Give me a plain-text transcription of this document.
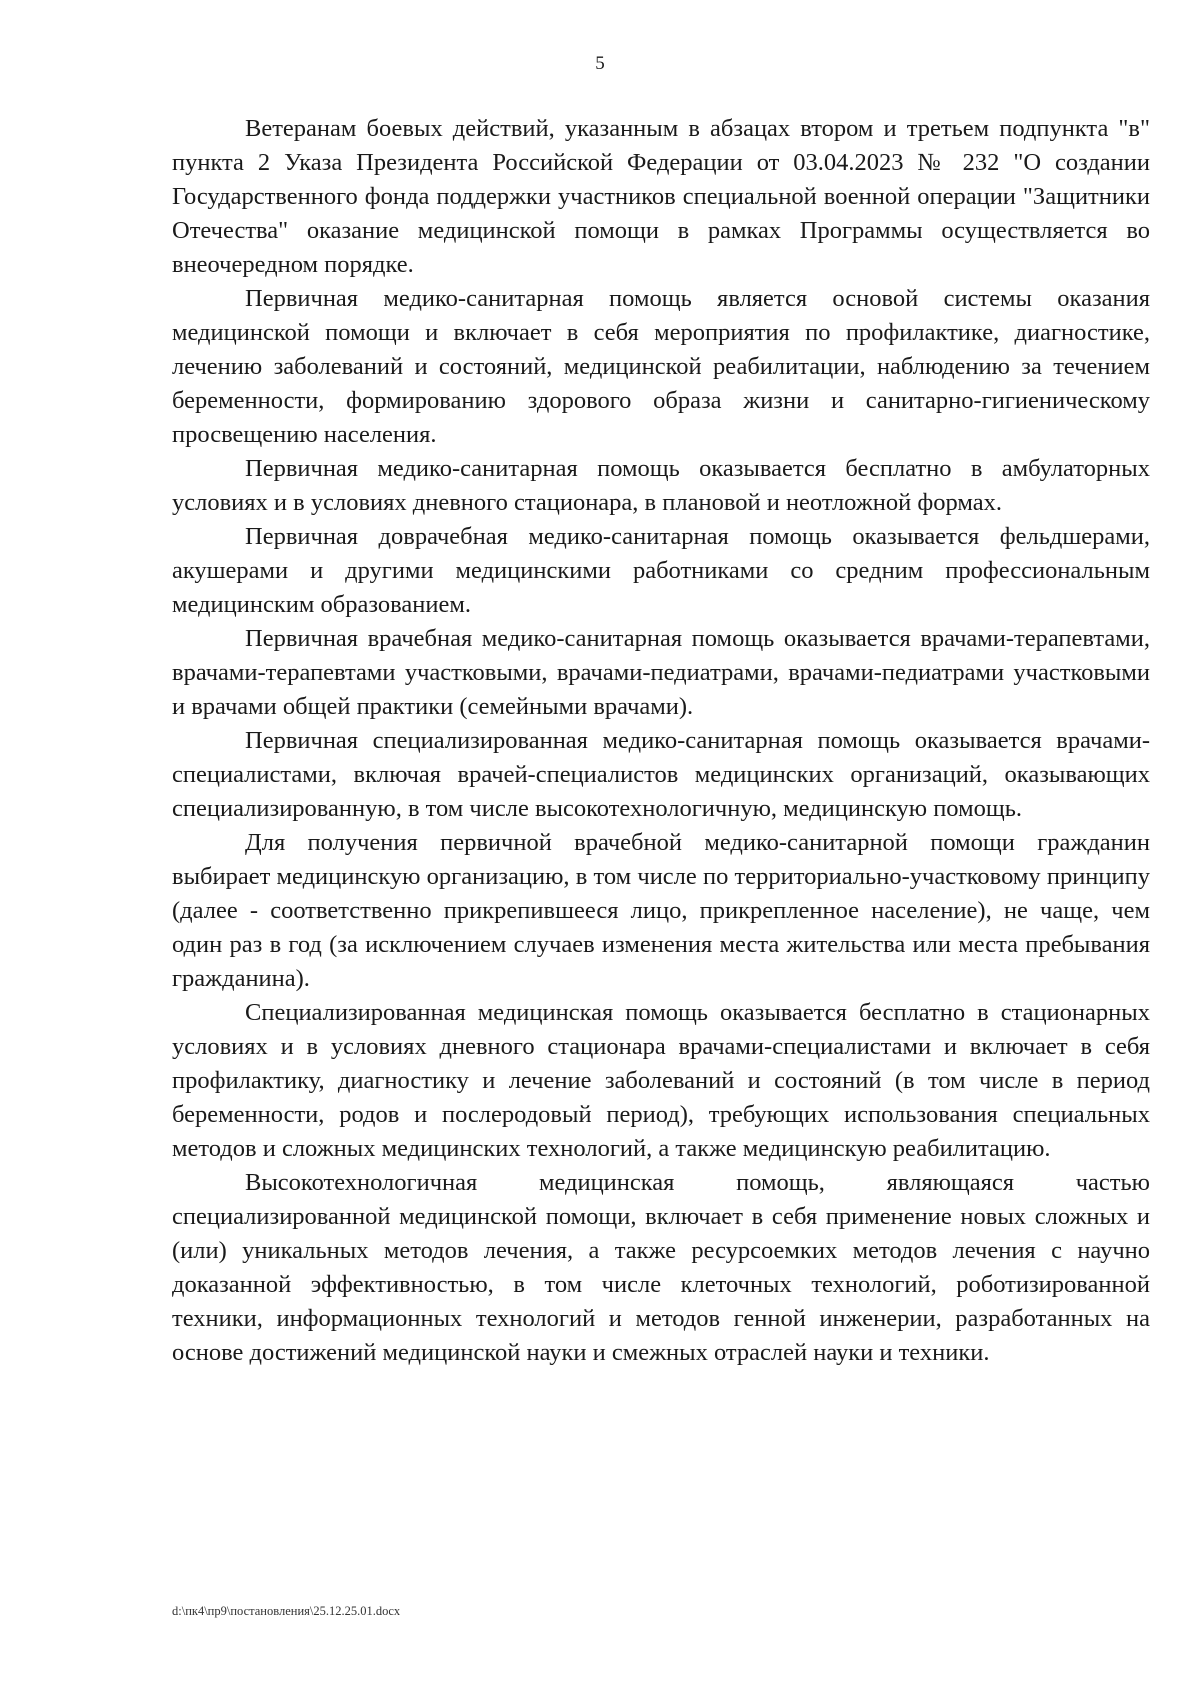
5

Ветеранам боевых действий, указанным в абзацах втором и третьем подпункта "в" пункта 2 Указа Президента Российской Федерации от 03.04.2023 № 232 "О создании Государственного фонда поддержки участников специальной военной операции "Защитники Отечества" оказание медицинской помощи в рамках Программы осуществляется во внеочередном порядке.

Первичная медико-санитарная помощь является основой системы оказания медицинской помощи и включает в себя мероприятия по профилактике, диагностике, лечению заболеваний и состояний, медицинской реабилитации, наблюдению за течением беременности, формированию здорового образа жизни и санитарно-гигиеническому просвещению населения.

Первичная медико-санитарная помощь оказывается бесплатно в амбулаторных условиях и в условиях дневного стационара, в плановой и неотложной формах.

Первичная доврачебная медико-санитарная помощь оказывается фельдшерами, акушерами и другими медицинскими работниками со средним профессиональным медицинским образованием.

Первичная врачебная медико-санитарная помощь оказывается врачами-терапевтами, врачами-терапевтами участковыми, врачами-педиатрами, врачами-педиатрами участковыми и врачами общей практики (семейными врачами).

Первичная специализированная медико-санитарная помощь оказывается врачами-специалистами, включая врачей-специалистов медицинских организаций, оказывающих специализированную, в том числе высокотехнологичную, медицинскую помощь.

Для получения первичной врачебной медико-санитарной помощи гражданин выбирает медицинскую организацию, в том числе по территориально-участковому принципу (далее - соответственно прикрепившееся лицо, прикрепленное население), не чаще, чем один раз в год (за исключением случаев изменения места жительства или места пребывания гражданина).

Специализированная медицинская помощь оказывается бесплатно в стационарных условиях и в условиях дневного стационара врачами-специалистами и включает в себя профилактику, диагностику и лечение заболеваний и состояний (в том числе в период беременности, родов и послеродовый период), требующих использования специальных методов и сложных медицинских технологий, а также медицинскую реабилитацию.

Высокотехнологичная медицинская помощь, являющаяся частью специализированной медицинской помощи, включает в себя применение новых сложных и (или) уникальных методов лечения, а также ресурсоемких методов лечения с научно доказанной эффективностью, в том числе клеточных технологий, роботизированной техники, информационных технологий и методов генной инженерии, разработанных на основе достижений медицинской науки и смежных отраслей науки и техники.

d:\пк4\пр9\постановления\25.12.25.01.docx
